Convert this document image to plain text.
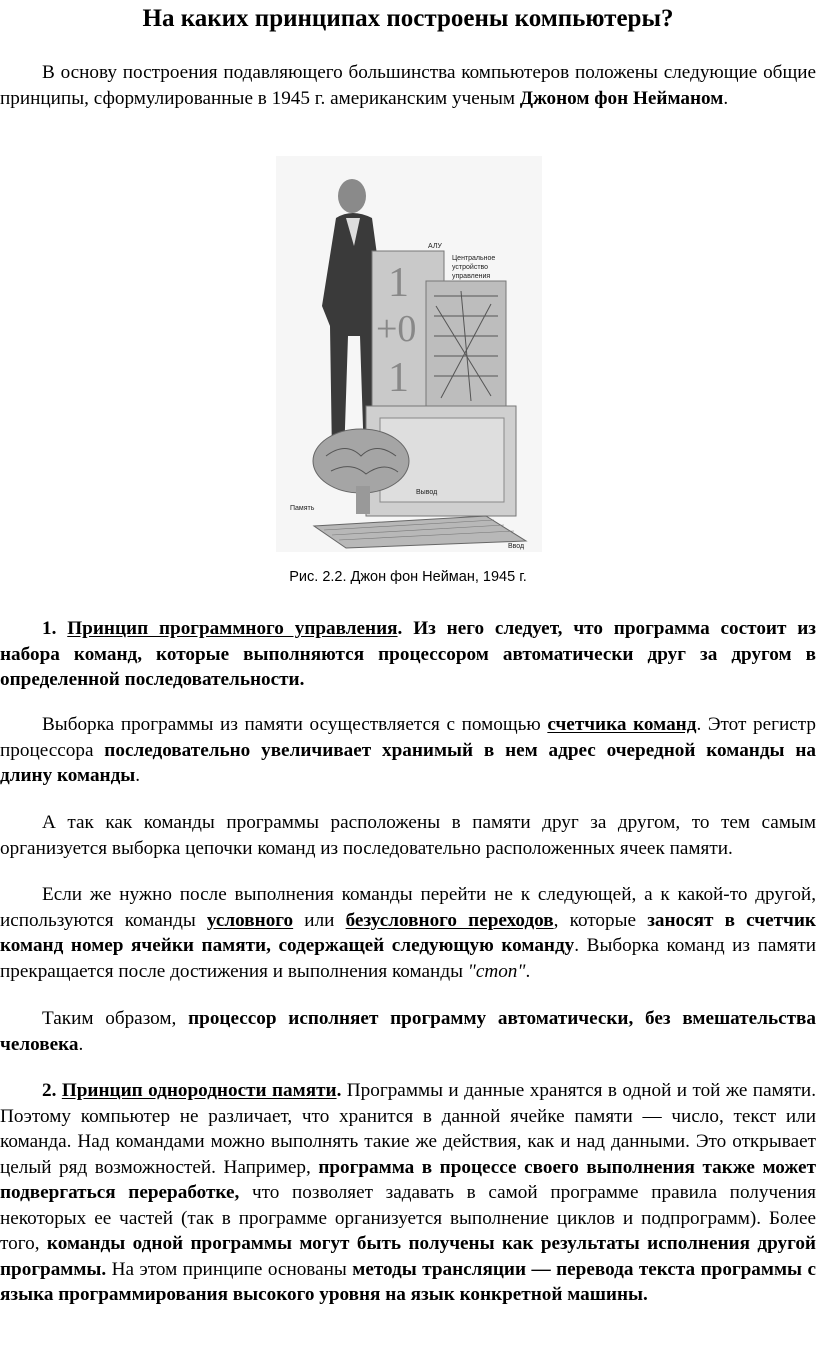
На каких принципах построены компьютеры?

В основу построения подавляющего большинства компьютеров положены следующие общие принципы, сформулированные в 1945 г. американским ученым Джоном фон Нейманом.

1
+0
1
АЛУ
Центральное
устройство
управления
Вывод
Память
Ввод
Рис. 2.2. Джон фон Нейман, 1945 г.

1. Принцип программного управления. Из него следует, что программа состоит из набора команд, которые выполняются процессором автоматически друг за другом в определенной последовательности.

Выборка программы из памяти осуществляется с помощью счетчика команд. Этот регистр процессора последовательно увеличивает хранимый в нем адрес очередной команды на длину команды.

А так как команды программы расположены в памяти друг за другом, то тем самым организуется выборка цепочки команд из последовательно расположенных ячеек памяти.

Если же нужно после выполнения команды перейти не к следующей, а к какой-то другой, используются команды условного или безусловного переходов, которые заносят в счетчик команд номер ячейки памяти, содержащей следующую команду. Выборка команд из памяти прекращается после достижения и выполнения команды "стоп".

Таким образом, процессор исполняет программу автоматически, без вмешательства человека.

2. Принцип однородности памяти. Программы и данные хранятся в одной и той же памяти. Поэтому компьютер не различает, что хранится в данной ячейке памяти — число, текст или команда. Над командами можно выполнять такие же действия, как и над данными. Это открывает целый ряд возможностей. Например, программа в процессе своего выполнения также может подвергаться переработке, что позволяет задавать в самой программе правила получения некоторых ее частей (так в программе организуется выполнение циклов и подпрограмм). Более того, команды одной программы могут быть получены как результаты исполнения другой программы. На этом принципе основаны методы трансляции — перевода текста программы с языка программирования высокого уровня на язык конкретной машины.
